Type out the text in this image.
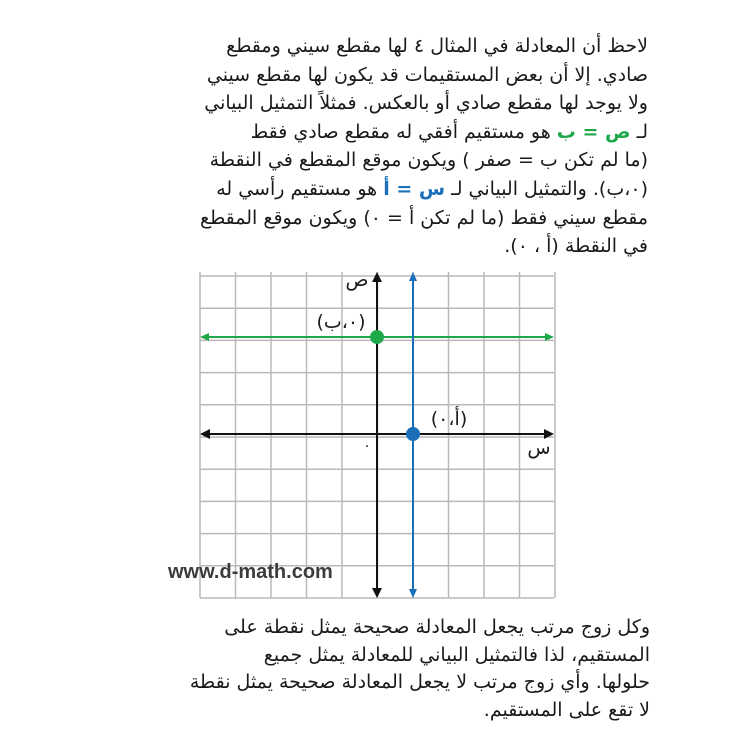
لاحظ أن المعادلة في المثال ٤ لها مقطع سيني ومقطع
صادي. إلا أن بعض المستقيمات قد يكون لها مقطع سيني
ولا يوجد لها مقطع صادي أو بالعكس. فمثلاً التمثيل البياني
لـ ص = ب هو مستقيم أفقي له مقطع صادي فقط
(ما لم تكن ب = صفر ) ويكون موقع المقطع في النقطة
(٠،ب). والتمثيل البياني لـ س = أ هو مستقيم رأسي له
مقطع سيني فقط (ما لم تكن أ = ٠) ويكون موقع المقطع
في النقطة (أ ، ٠).
ص
س
٠
(٠،ب)
(أ،٠)
www.d-math.com
وكل زوج مرتب يجعل المعادلة صحيحة يمثل نقطة على
المستقيم، لذا فالتمثيل البياني للمعادلة يمثل جميع
حلولها. وأي زوج مرتب لا يجعل المعادلة صحيحة يمثل نقطة
لا تقع على المستقيم.
